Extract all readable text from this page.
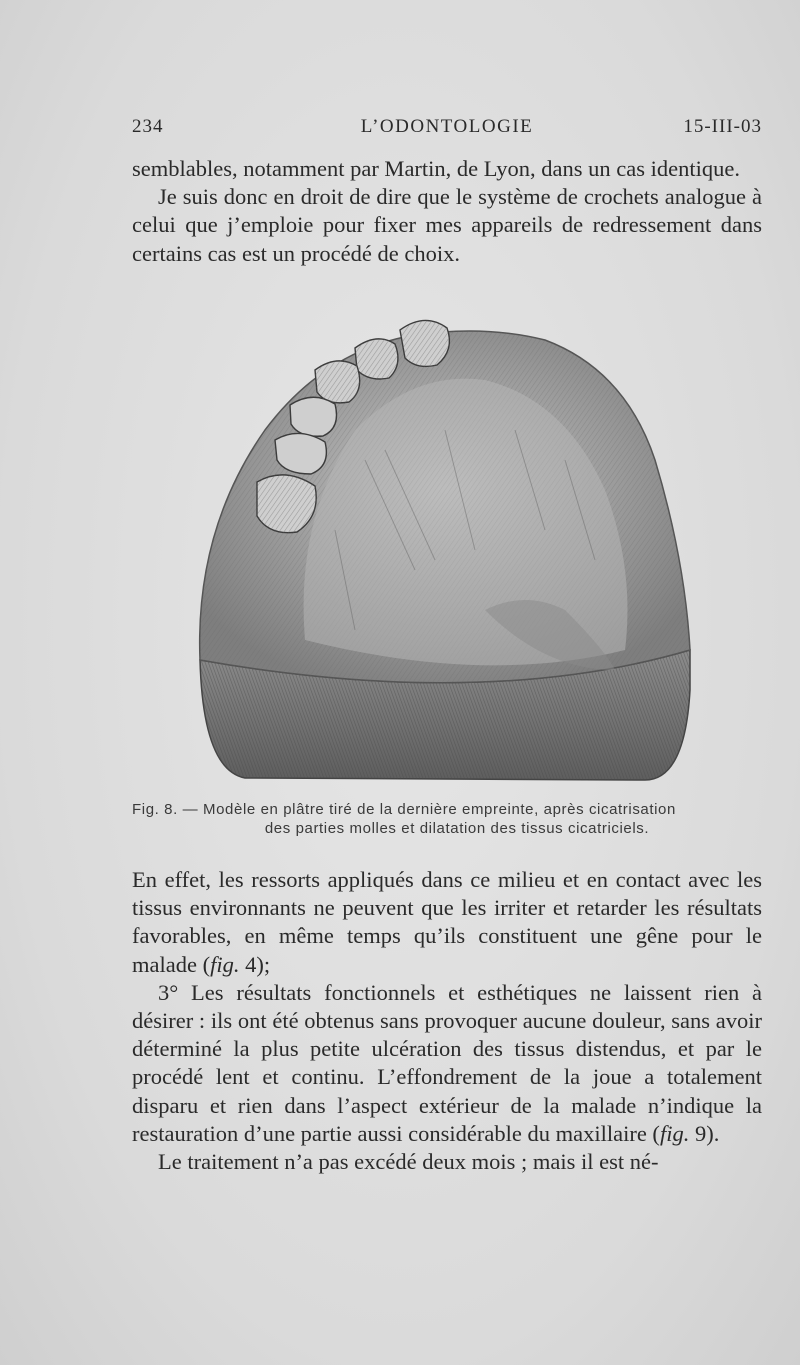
234	L’ODONTOLOGIE	15-III-03

semblables, notamment par Martin, de Lyon, dans un cas identique.

Je suis donc en droit de dire que le système de crochets analogue à celui que j’emploie pour fixer mes appareils de redressement dans certains cas est un procédé de choix.

Fig. 8. — Modèle en plâtre tiré de la dernière empreinte, après cicatrisation
des parties molles et dilatation des tissus cicatriciels.

En effet, les ressorts appliqués dans ce milieu et en contact avec les tissus environnants ne peuvent que les irriter et retarder les résultats favorables, en même temps qu’ils constituent une gêne pour le malade (fig. 4);

3° Les résultats fonctionnels et esthétiques ne laissent rien à désirer : ils ont été obtenus sans provoquer aucune douleur, sans avoir déterminé la plus petite ulcération des tissus distendus, et par le procédé lent et continu. L’effondrement de la joue a totalement disparu et rien dans l’aspect extérieur de la malade n’indique la restauration d’une partie aussi considérable du maxillaire (fig. 9).

Le traitement n’a pas excédé deux mois ; mais il est né-
